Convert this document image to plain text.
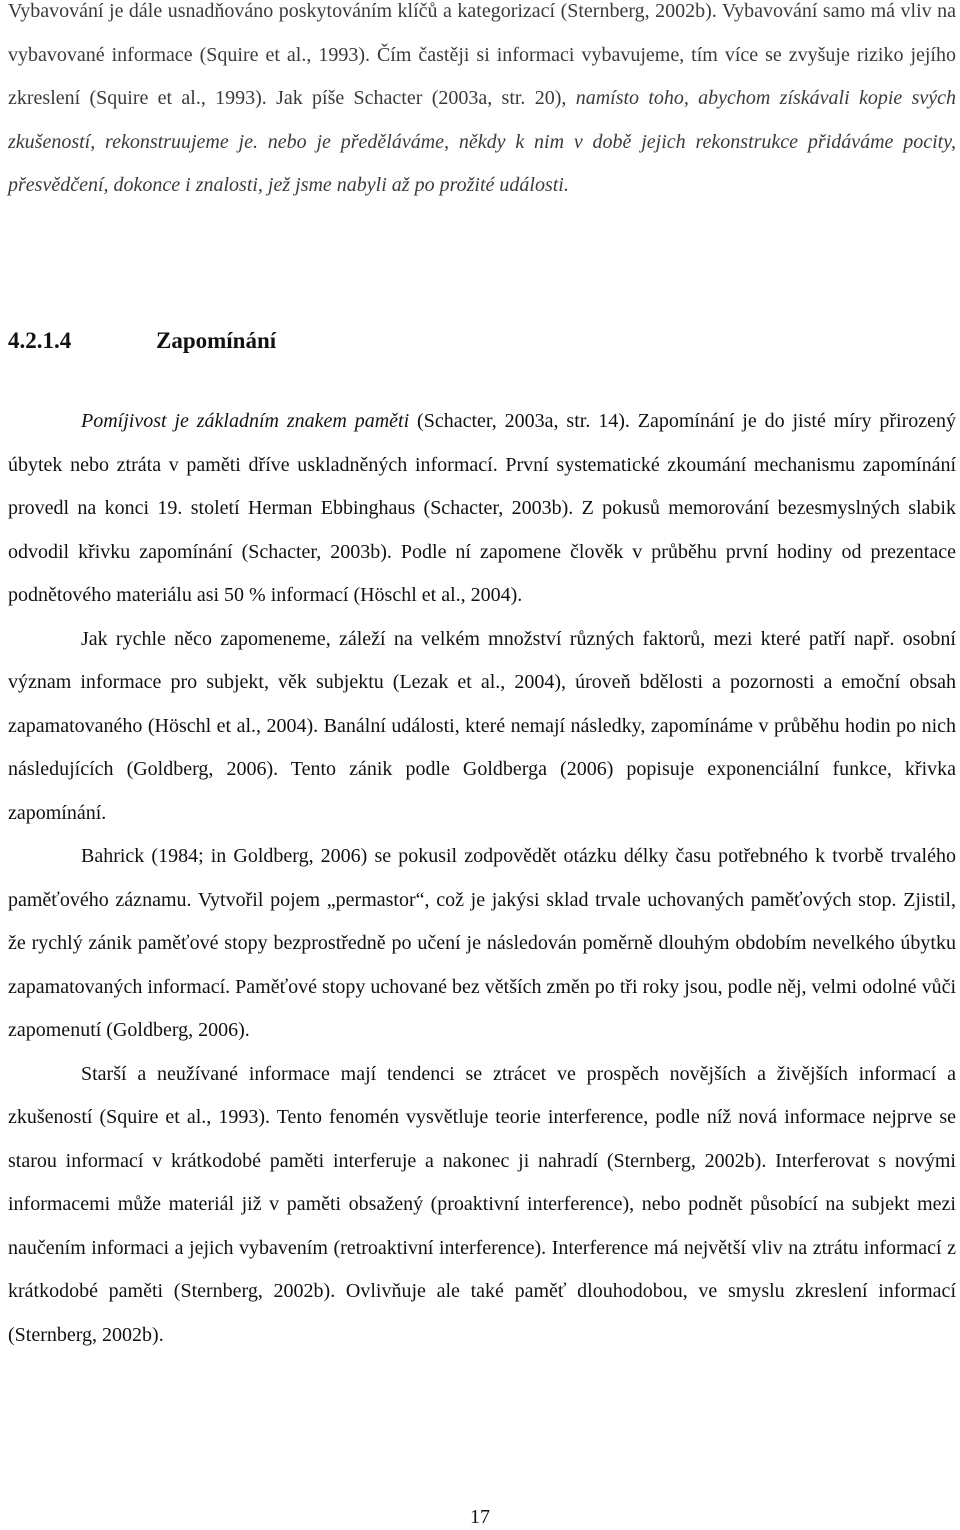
Vybavování je dále usnadňováno poskytováním klíčů a kategorizací (Sternberg, 2002b). Vybavování samo má vliv na vybavované informace (Squire et al., 1993). Čím častěji si informaci vybavujeme, tím více se zvyšuje riziko jejího zkreslení (Squire et al., 1993). Jak píše Schacter (2003a, str. 20), namísto toho, abychom získávali kopie svých zkušeností, rekonstruujeme je. nebo je předěláváme, někdy k nim v době jejich rekonstrukce přidáváme pocity, přesvědčení, dokonce i znalosti, jež jsme nabyli až po prožité události.

4.2.1.4	Zapomínání

Pomíjivost je základním znakem paměti (Schacter, 2003a, str. 14). Zapomínání je do jisté míry přirozený úbytek nebo ztráta v paměti dříve uskladněných informací. První systematické zkoumání mechanismu zapomínání provedl na konci 19. století Herman Ebbinghaus (Schacter, 2003b). Z pokusů memorování bezesmyslných slabik odvodil křivku zapomínání (Schacter, 2003b). Podle ní zapomene člověk v průběhu první hodiny od prezentace podnětového materiálu asi 50 % informací (Höschl et al., 2004).

Jak rychle něco zapomeneme, záleží na velkém množství různých faktorů, mezi které patří např. osobní význam informace pro subjekt, věk subjektu (Lezak et al., 2004), úroveň bdělosti a pozornosti a emoční obsah zapamatovaného (Höschl et al., 2004). Banální události, které nemají následky, zapomínáme v průběhu hodin po nich následujících (Goldberg, 2006). Tento zánik podle Goldberga (2006) popisuje exponenciální funkce, křivka zapomínání.

Bahrick (1984; in Goldberg, 2006) se pokusil zodpovědět otázku délky času potřebného k tvorbě trvalého paměťového záznamu. Vytvořil pojem „permastor“, což je jakýsi sklad trvale uchovaných paměťových stop. Zjistil, že rychlý zánik paměťové stopy bezprostředně po učení je následován poměrně dlouhým obdobím nevelkého úbytku zapamatovaných informací. Paměťové stopy uchované bez větších změn po tři roky jsou, podle něj, velmi odolné vůči zapomenutí (Goldberg, 2006).

Starší a neužívané informace mají tendenci se ztrácet ve prospěch novějších a živějších informací a zkušeností (Squire et al., 1993). Tento fenomén vysvětluje teorie interference, podle níž nová informace nejprve se starou informací v krátkodobé paměti interferuje a nakonec ji nahradí (Sternberg, 2002b). Interferovat s novými informacemi může materiál již v paměti obsažený (proaktivní interference), nebo podnět působící na subjekt mezi naučením informaci a jejich vybavením (retroaktivní interference). Interference má největší vliv na ztrátu informací z krátkodobé paměti (Sternberg, 2002b). Ovlivňuje ale také paměť dlouhodobou, ve smyslu zkreslení informací (Sternberg, 2002b).

17
